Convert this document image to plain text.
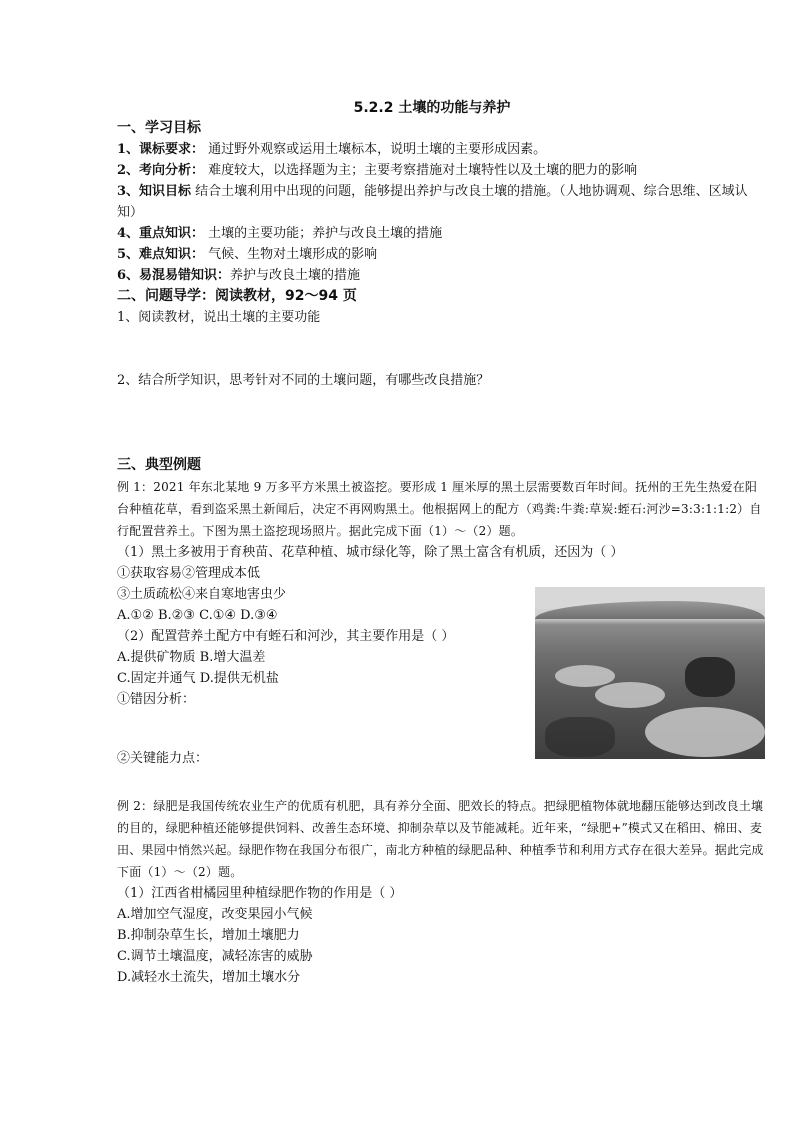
5.2.2 土壤的功能与养护
一、学习目标
1、课标要求： 通过野外观察或运用土壤标本，说明土壤的主要形成因素。
2、考向分析： 难度较大，以选择题为主；主要考察措施对土壤特性以及土壤的肥力的影响
3、知识目标 结合土壤利用中出现的问题，能够提出养护与改良土壤的措施。（人地协调观、综合思维、区域认知）
4、重点知识： 土壤的主要功能；养护与改良土壤的措施
5、难点知识： 气候、生物对土壤形成的影响
6、易混易错知识：养护与改良土壤的措施
二、问题导学：阅读教材，92～94 页
1、阅读教材，说出土壤的主要功能
2、结合所学知识，思考针对不同的土壤问题，有哪些改良措施？
三、典型例题
例 1：2021 年东北某地 9 万多平方米黑土被盗挖。要形成 1 厘米厚的黑土层需要数百年时间。抚州的王先生热爱在阳台种植花草，看到盗采黑土新闻后，决定不再网购黑土。他根据网上的配方（鸡粪:牛粪:草炭:蛭石:河沙=3:3:1:1:2）自行配置营养土。下图为黑土盗挖现场照片。据此完成下面（1）～（2）题。
（1）黑土多被用于育秧苗、花草种植、城市绿化等，除了黑土富含有机质，还因为（ ）
①获取容易②管理成本低
③土质疏松④来自寒地害虫少
A.①② B.②③ C.①④ D.③④
（2）配置营养土配方中有蛭石和河沙，其主要作用是（ ）
A.提供矿物质 B.增大温差
C.固定并通气 D.提供无机盐
①错因分析：
②关键能力点：
例 2：绿肥是我国传统农业生产的优质有机肥，具有养分全面、肥效长的特点。把绿肥植物体就地翻压能够达到改良土壤的目的，绿肥种植还能够提供饲料、改善生态环境、抑制杂草以及节能减耗。近年来，“绿肥+”模式又在稻田、棉田、麦田、果园中悄然兴起。绿肥作物在我国分布很广，南北方种植的绿肥品种、种植季节和利用方式存在很大差异。据此完成下面（1）～（2）题。
（1）江西省柑橘园里种植绿肥作物的作用是（ ）
A.增加空气湿度，改变果园小气候
B.抑制杂草生长，增加土壤肥力
C.调节土壤温度，减轻冻害的威胁
D.减轻水土流失，增加土壤水分
